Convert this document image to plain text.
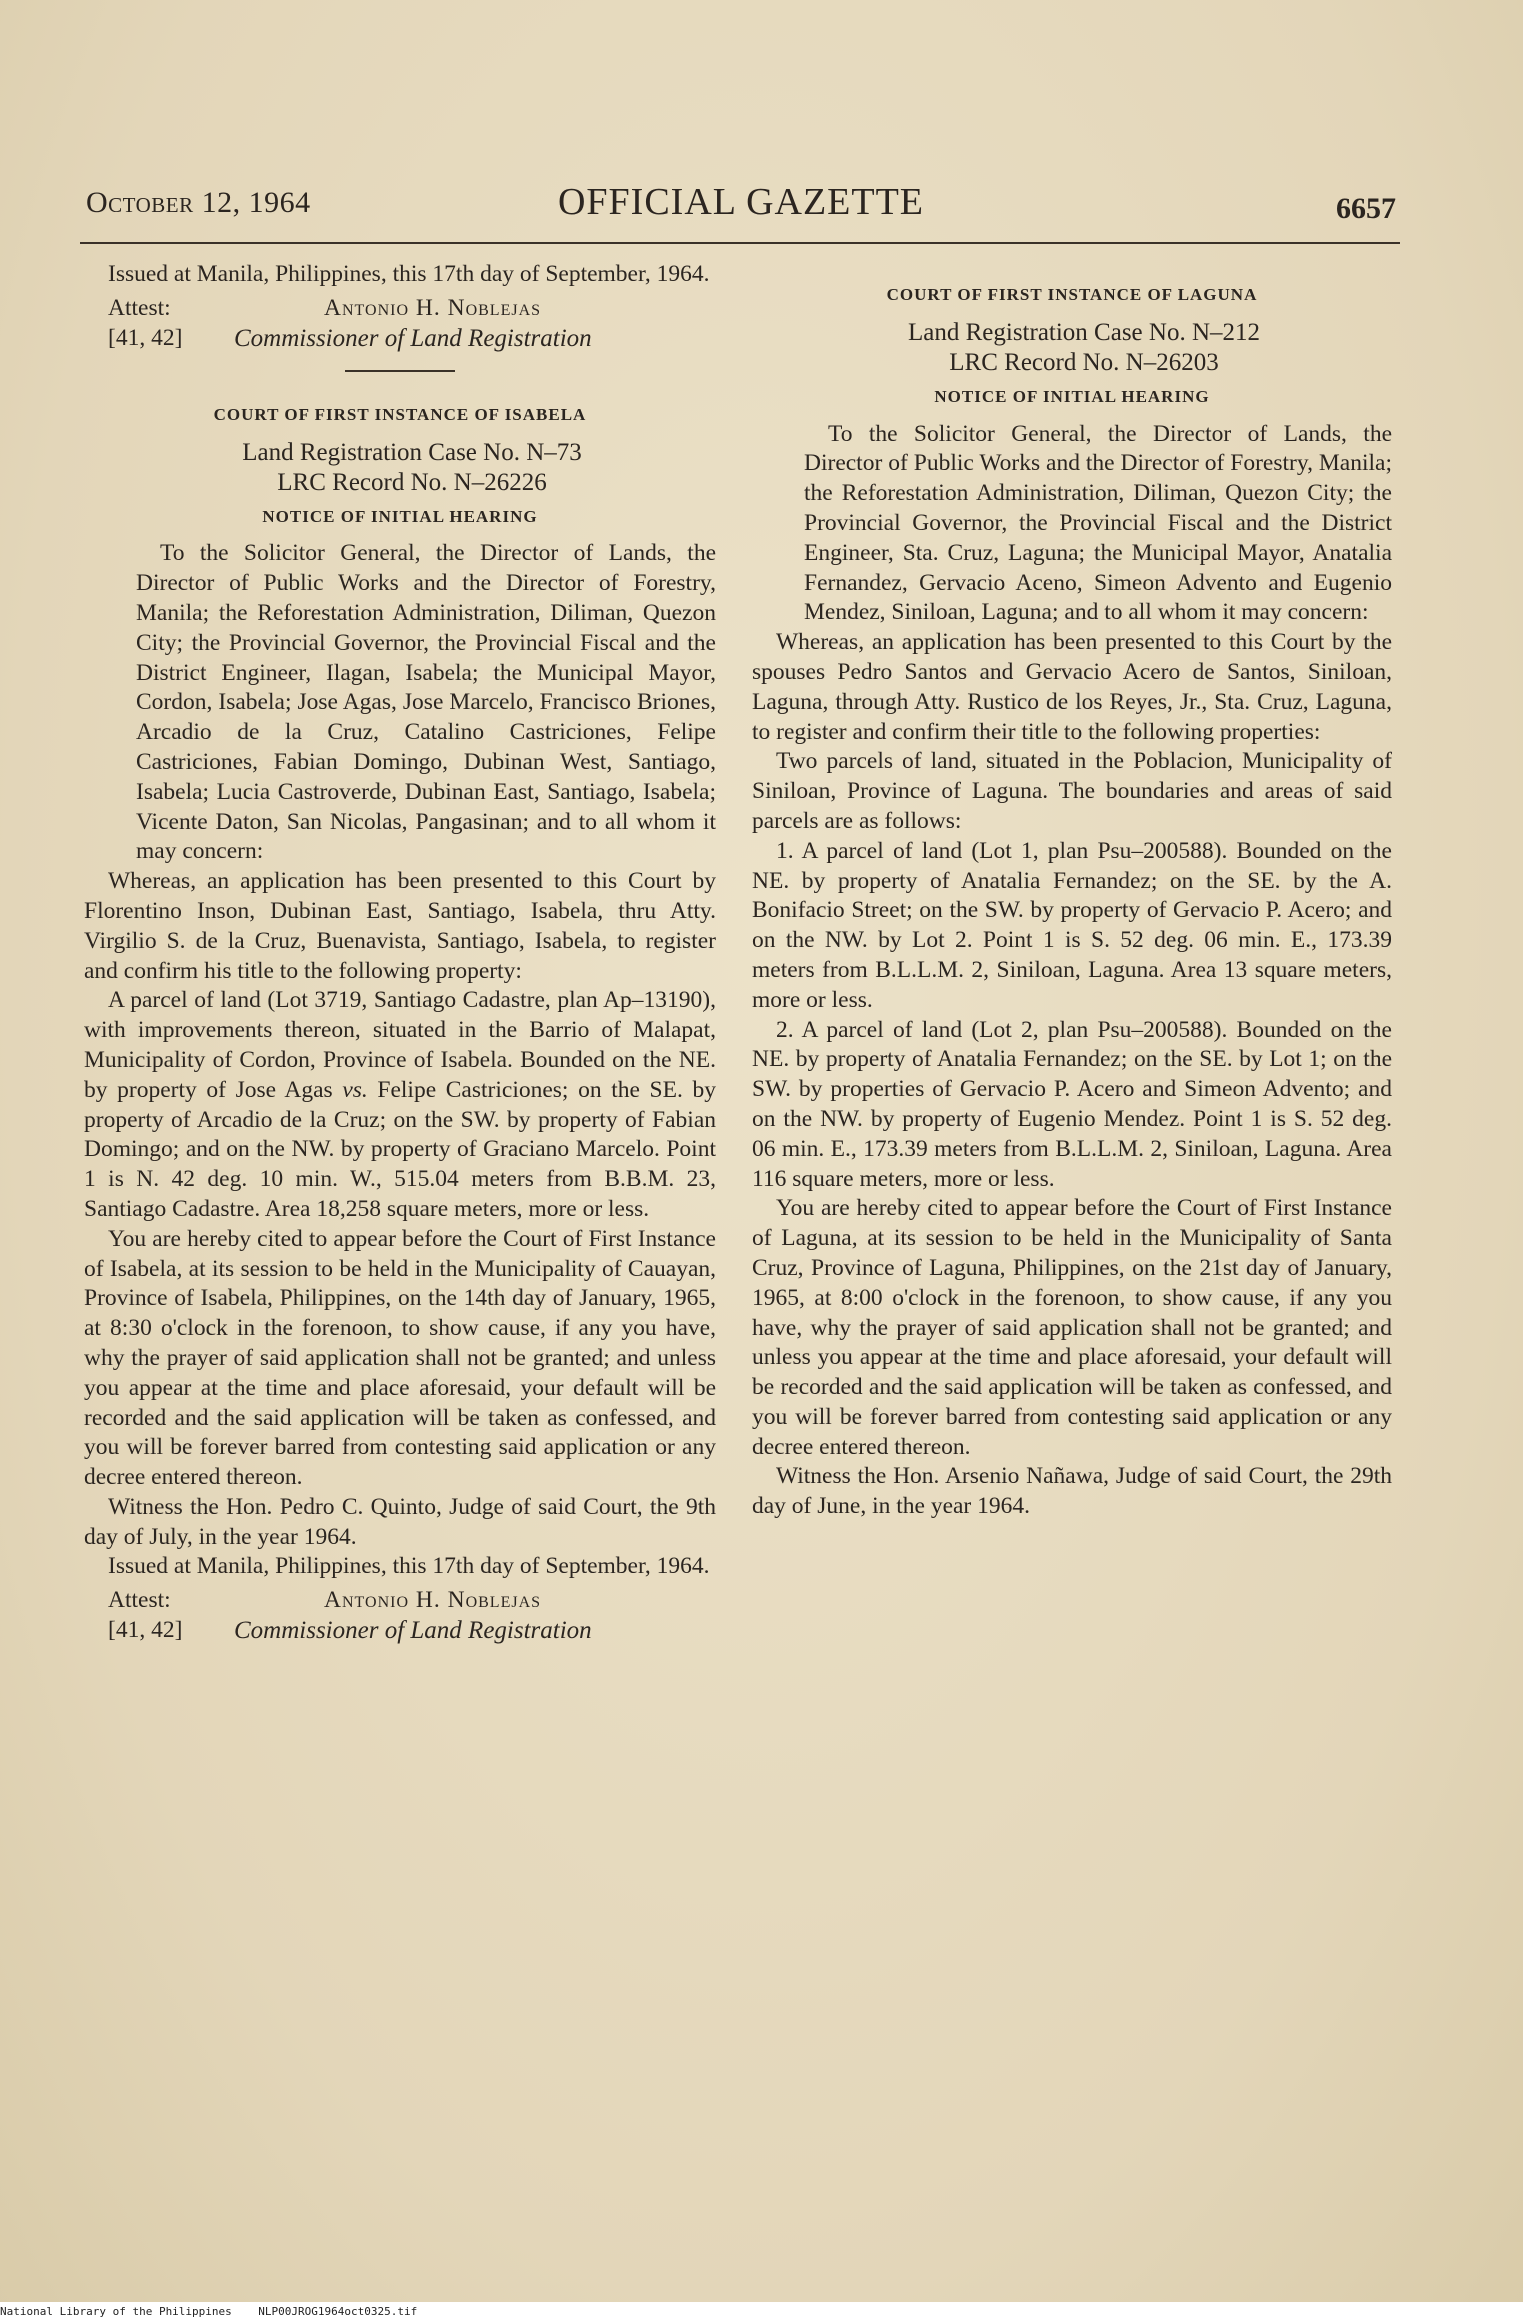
October 12, 1964	OFFICIAL GAZETTE	6657

Issued at Manila, Philippines, this 17th day of September, 1964.

Attest:	Antonio H. Noblejas
[41, 42] Commissioner of Land Registration
COURT OF FIRST INSTANCE OF ISABELA

Land Registration Case No. N–73

LRC Record No. N–26226

NOTICE OF INITIAL HEARING

To the Solicitor General, the Director of Lands, the Director of Public Works and the Director of Forestry, Manila; the Reforestation Administration, Diliman, Quezon City; the Provincial Governor, the Provincial Fiscal and the District Engineer, Ilagan, Isabela; the Municipal Mayor, Cordon, Isabela; Jose Agas, Jose Marcelo, Francisco Briones, Arcadio de la Cruz, Catalino Castriciones, Felipe Castriciones, Fabian Domingo, Dubinan West, Santiago, Isabela; Lucia Castroverde, Dubinan East, Santiago, Isabela; Vicente Daton, San Nicolas, Pangasinan; and to all whom it may concern:

Whereas, an application has been presented to this Court by Florentino Inson, Dubinan East, Santiago, Isabela, thru Atty. Virgilio S. de la Cruz, Buenavista, Santiago, Isabela, to register and confirm his title to the following property:

A parcel of land (Lot 3719, Santiago Cadastre, plan Ap–13190), with improvements thereon, situated in the Barrio of Malapat, Municipality of Cordon, Province of Isabela. Bounded on the NE. by property of Jose Agas vs. Felipe Castriciones; on the SE. by property of Arcadio de la Cruz; on the SW. by property of Fabian Domingo; and on the NW. by property of Graciano Marcelo. Point 1 is N. 42 deg. 10 min. W., 515.04 meters from B.B.M. 23, Santiago Cadastre. Area 18,258 square meters, more or less.

You are hereby cited to appear before the Court of First Instance of Isabela, at its session to be held in the Municipality of Cauayan, Province of Isabela, Philippines, on the 14th day of January, 1965, at 8:30 o'clock in the forenoon, to show cause, if any you have, why the prayer of said application shall not be granted; and unless you appear at the time and place aforesaid, your default will be recorded and the said application will be taken as confessed, and you will be forever barred from contesting said application or any decree entered thereon.

Witness the Hon. Pedro C. Quinto, Judge of said Court, the 9th day of July, in the year 1964.

Issued at Manila, Philippines, this 17th day of September, 1964.

Attest:	Antonio H. Noblejas
[41, 42] Commissioner of Land Registration
COURT OF FIRST INSTANCE OF LAGUNA

Land Registration Case No. N–212

LRC Record No. N–26203

NOTICE OF INITIAL HEARING

To the Solicitor General, the Director of Lands, the Director of Public Works and the Director of Forestry, Manila; the Reforestation Administration, Diliman, Quezon City; the Provincial Governor, the Provincial Fiscal and the District Engineer, Sta. Cruz, Laguna; the Municipal Mayor, Anatalia Fernandez, Gervacio Aceno, Simeon Advento and Eugenio Mendez, Siniloan, Laguna; and to all whom it may concern:

Whereas, an application has been presented to this Court by the spouses Pedro Santos and Gervacio Acero de Santos, Siniloan, Laguna, through Atty. Rustico de los Reyes, Jr., Sta. Cruz, Laguna, to register and confirm their title to the following properties:

Two parcels of land, situated in the Poblacion, Municipality of Siniloan, Province of Laguna. The boundaries and areas of said parcels are as follows:

1. A parcel of land (Lot 1, plan Psu–200588). Bounded on the NE. by property of Anatalia Fernandez; on the SE. by the A. Bonifacio Street; on the SW. by property of Gervacio P. Acero; and on the NW. by Lot 2. Point 1 is S. 52 deg. 06 min. E., 173.39 meters from B.L.L.M. 2, Siniloan, Laguna. Area 13 square meters, more or less.

2. A parcel of land (Lot 2, plan Psu–200588). Bounded on the NE. by property of Anatalia Fernandez; on the SE. by Lot 1; on the SW. by properties of Gervacio P. Acero and Simeon Advento; and on the NW. by property of Eugenio Mendez. Point 1 is S. 52 deg. 06 min. E., 173.39 meters from B.L.L.M. 2, Siniloan, Laguna. Area 116 square meters, more or less.

You are hereby cited to appear before the Court of First Instance of Laguna, at its session to be held in the Municipality of Santa Cruz, Province of Laguna, Philippines, on the 21st day of January, 1965, at 8:00 o'clock in the forenoon, to show cause, if any you have, why the prayer of said application shall not be granted; and unless you appear at the time and place aforesaid, your default will be recorded and the said application will be taken as confessed, and you will be forever barred from contesting said application or any decree entered thereon.

Witness the Hon. Arsenio Nañawa, Judge of said Court, the 29th day of June, in the year 1964.

National Library of the Philippines NLP00JROG1964oct0325.tif
